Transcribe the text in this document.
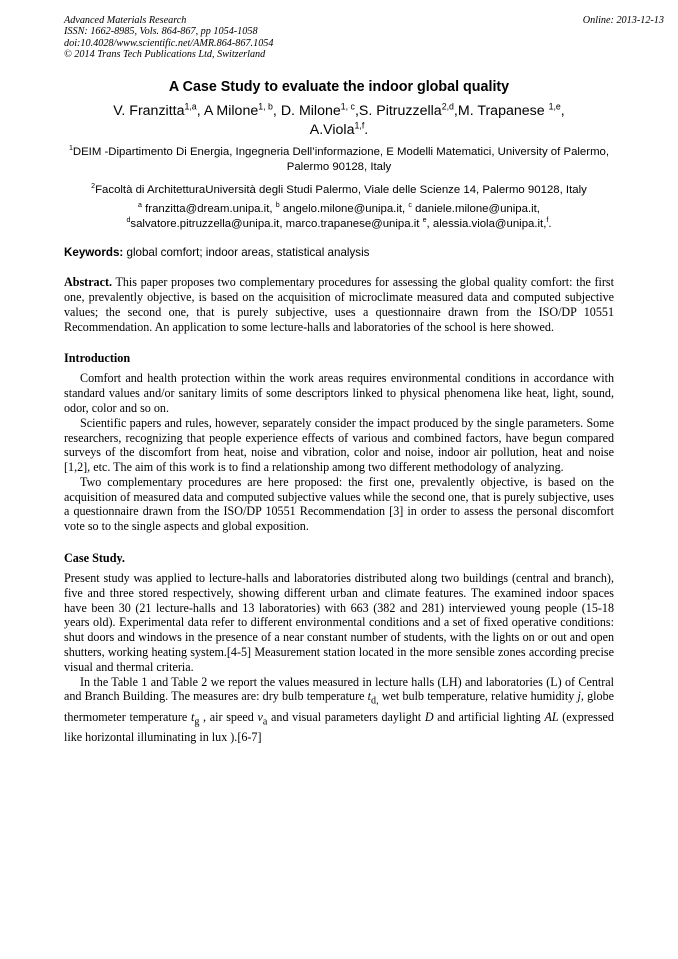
Advanced Materials Research
ISSN: 1662-8985, Vols. 864-867, pp 1054-1058
doi:10.4028/www.scientific.net/AMR.864-867.1054
© 2014 Trans Tech Publications Ltd, Switzerland
Online: 2013-12-13
A Case Study to evaluate the indoor global quality
V. Franzitta$^{1,a}$, A Milone$^{1, b}$, D. Milone$^{1, c}$,S. Pitruzzella$^{2,d}$,M. Trapanese $^{1,e}$,
A.Viola$^{1,f}$.
$^1$DEIM -Dipartimento Di Energia, Ingegneria Dell’informazione, E Modelli Matematici, University of Palermo, Palermo 90128, Italy
$^2$Facoltà di ArchitetturaUniversità degli Studi Palermo, Viale delle Scienze 14, Palermo 90128, Italy
$^a$ franzitta@dream.unipa.it, $^b$ angelo.milone@unipa.it, $^c$ daniele.milone@unipa.it,
$^d$salvatore.pitruzzella@unipa.it, marco.trapanese@unipa.it $^e$, alessia.viola@unipa.it,$^f$.
Keywords: global comfort; indoor areas, statistical analysis
Abstract. This paper proposes two complementary procedures for assessing the global quality comfort: the first one, prevalently objective, is based on the acquisition of microclimate measured data and computed subjective values; the second one, that is purely subjective, uses a questionnaire drawn from the ISO/DP 10551 Recommendation. An application to some lecture-halls and laboratories of the school is here showed.
Introduction
Comfort and health protection within the work areas requires environmental conditions in accordance with standard values and/or sanitary limits of some descriptors linked to physical phenomena like heat, light, sound, odor, color and so on.
Scientific papers and rules, however, separately consider the impact produced by the single parameters. Some researchers, recognizing that people experience effects of various and combined factors, have begun compared surveys of the discomfort from heat, noise and vibration, color and noise, indoor air pollution, heat and noise [1,2], etc. The aim of this work is to find a relationship among two different methodology of analyzing.
Two complementary procedures are here proposed: the first one, prevalently objective, is based on the acquisition of measured data and computed subjective values while the second one, that is purely subjective, uses a questionnaire drawn from the ISO/DP 10551 Recommendation [3] in order to assess the personal discomfort vote so to the single aspects and global exposition.
Case Study.
Present study was applied to lecture-halls and laboratories distributed along two buildings (central and branch), five and three stored respectively, showing different urban and climate features. The examined indoor spaces have been 30 (21 lecture-halls and 13 laboratories) with 663 (382 and 281) interviewed young people (15-18 years old). Experimental data refer to different environmental conditions and a set of fixed operative conditions: shut doors and windows in the presence of a near constant number of students, with the lights on or out and open shutters, working heating system.[4-5] Measurement station located in the more sensible zones according precise visual and thermal criteria.
In the Table 1 and Table 2 we report the values measured in lecture halls (LH) and laboratories (L) of Central and Branch Building. The measures are: dry bulb temperature $t_{d,}$ wet bulb temperature, relative humidity j, globe thermometer temperature $t_g$ , air speed $v_a$ and visual parameters daylight D and artificial lighting AL (expressed like horizontal illuminating in lux ).[6-7]
